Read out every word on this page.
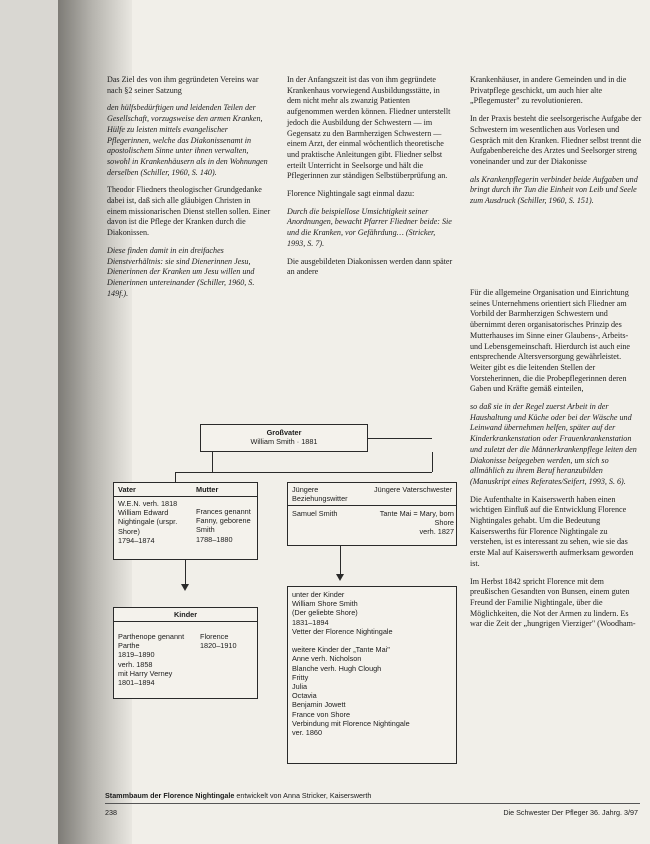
Das Ziel des von ihm gegründeten Vereins war nach §2 seiner Satzung

den hülfsbedürftigen und leidenden Teilen der Gesellschaft, vorzugsweise den armen Kranken, Hülfe zu leisten mittels evangelischer Pflegerinnen, welche das Diakonissenamt in apostolischem Sinne unter ihnen verwalten, sowohl in Krankenhäusern als in den Wohnungen derselben (Schiller, 1960, S. 140).

Theodor Fliedners theologischer Grundgedanke dabei ist, daß sich alle gläubigen Christen in einem missionarischen Dienst stellen sollen. Einer davon ist die Pflege der Kranken durch die Diakonissen.

Diese finden damit in ein dreifaches Dienstverhältnis: sie sind Dienerinnen Jesu, Dienerinnen der Kranken um Jesu willen und Dienerinnen untereinander (Schiller, 1960, S. 149f.).

In der Anfangszeit ist das von ihm gegründete Krankenhaus vorwiegend Ausbildungsstätte, in dem nicht mehr als zwanzig Patienten aufgenommen werden können. Fliedner unterstellt jedoch die Ausbildung der Schwestern — im Gegensatz zu den Barmherzigen Schwestern — einem Arzt, der einmal wöchentlich theoretische und praktische Anleitungen gibt. Fliedner selbst erteilt Unterricht in Seelsorge und hält die Pflegerinnen zur ständigen Selbstüberprüfung an.

Florence Nightingale sagt einmal dazu:

Durch die beispiellose Umsichtigkeit seiner Anordnungen, bewacht Pfarrer Fliedner beide: Sie und die Kranken, vor Gefährdung… (Stricker, 1993, S. 7).

Die ausgebildeten Diakonissen werden dann später an andere

Krankenhäuser, in andere Gemeinden und in die Privatpflege geschickt, um auch hier alte „Pflegemuster" zu revolutionieren.

In der Praxis besteht die seelsorgerische Aufgabe der Schwestern im wesentlichen aus Vorlesen und Gespräch mit den Kranken. Fliedner selbst trennt die Aufgabenbereiche des Arztes und Seelsorger streng voneinander und zur der Diakonisse

als Krankenpflegerin verbindet beide Aufgaben und bringt durch ihr Tun die Einheit von Leib und Seele zum Ausdruck (Schiller, 1960, S. 151).

Für die allgemeine Organisation und Einrichtung seines Unternehmens orientiert sich Fliedner am Vorbild der Barmherzigen Schwestern und übernimmt deren organisatorisches Prinzip des Mutterhauses im Sinne einer Glaubens-, Arbeits- und Lebensgemeinschaft. Hierdurch ist auch eine entsprechende Altersversorgung gewährleistet. Weiter gibt es die leitenden Stellen der Vorsteherinnen, die die Probepflegerinnen deren Gaben und Kräfte gemäß einteilen,

so daß sie in der Regel zuerst Arbeit in der Haushaltung und Küche oder bei der Wäsche und Leinwand übernehmen helfen, später auf der Kinderkrankenstation oder Frauenkrankenstation und zuletzt der die Männerkrankenpflege leiten den Diakonisse beigegeben werden, um sich so allmählich zu ihrem Beruf heranzubilden (Manuskript eines Referates/Seifert, 1993, S. 6).

Die Aufenthalte in Kaiserswerth haben einen wichtigen Einfluß auf die Entwicklung Florence Nightingales gehabt. Um die Bedeutung Kaiserswerths für Florence Nightingale zu verstehen, ist es interessant zu sehen, wie sie das erste Mal auf Kaiserswerth aufmerksam geworden ist.

Im Herbst 1842 spricht Florence mit dem preußischen Gesandten von Bunsen, einem guten Freund der Familie Nightingale, über die Möglichkeiten, die Not der Armen zu lindern. Es war die Zeit der „hungrigen Vierziger" (Woodham-

Großvater
William Smith · 1881
Vater	Mutter
W.E.N. verh. 1818
William Edward Nightingale (urspr. Shore)
1794–1874
Frances genannt Fanny, geborene Smith
1788–1880
Jüngere Beziehungswitter
Jüngere Vaterschwester
Samuel Smith	Tante Mai = Mary, born Shore
verh. 1827
Kinder
Parthenope genannt Parthe
1819–1890
verh. 1858
mit Harry Verney
1801–1894
Florence
1820–1910
unter der Kinder
William Shore Smith
(Der geliebte Shore)
1831–1894
Vetter der Florence Nightingale

weitere Kinder der „Tante Mai"
Anne verh. Nicholson
Blanche verh. Hugh Clough
Fritty
Julia
Octavia
Benjamin Jowett
France von Shore
Verbindung mit Florence Nightingale
ver. 1860
Stammbaum der Florence Nightingale entwickelt von Anna Stricker, Kaiserswerth
238	Die Schwester Der Pfleger 36. Jahrg. 3/97
